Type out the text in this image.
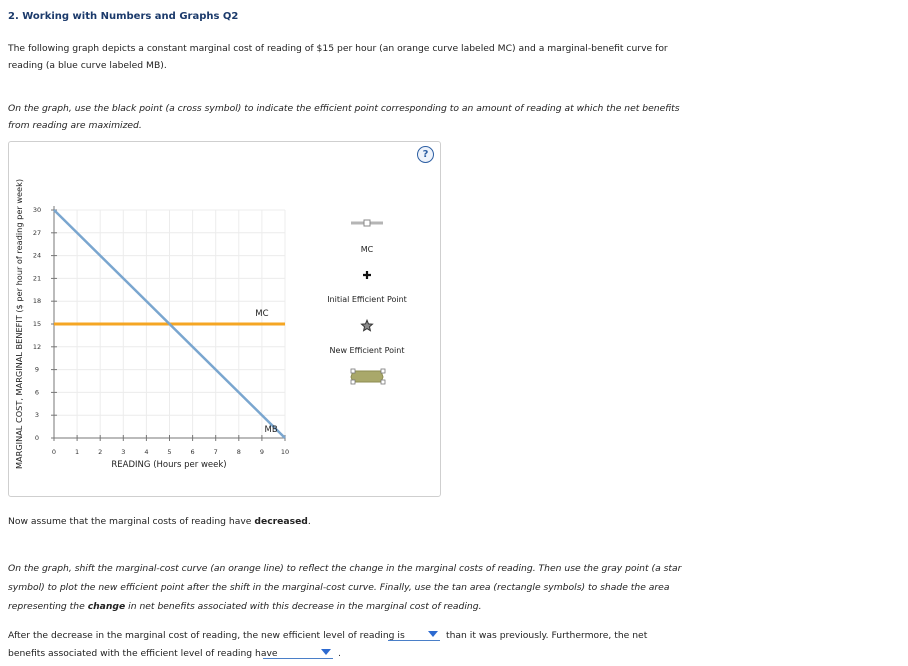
2. Working with Numbers and Graphs Q2
The following graph depicts a constant marginal cost of reading of $15 per hour (an orange curve labeled MC) and a marginal-benefit curve for reading (a blue curve labeled MB).
On the graph, use the black point (a cross symbol) to indicate the efficient point corresponding to an amount of reading at which the net benefits from reading are maximized.
0	1	2	3	4	5	6	7	8	9	10
0
3
6
9
12
15
18
21
24
27
30
READING (Hours per week)
MARGINAL COST, MARGINAL BENEFIT ($ per hour of reading per week)	MC
MB
MC
Initial Efficient Point
New Efficient Point
?
Now assume that the marginal costs of reading have decreased.
On the graph, shift the marginal-cost curve (an orange line) to reflect the change in the marginal costs of reading. Then use the gray point (a star symbol) to plot the new efficient point after the shift in the marginal-cost curve. Finally, use the tan area (rectangle symbols) to shade the area representing the change in net benefits associated with this decrease in the marginal cost of reading.
After the decrease in the marginal cost of reading, the new efficient level of reading is	than it was previously. Furthermore, the net
benefits associated with the efficient level of reading have	.
